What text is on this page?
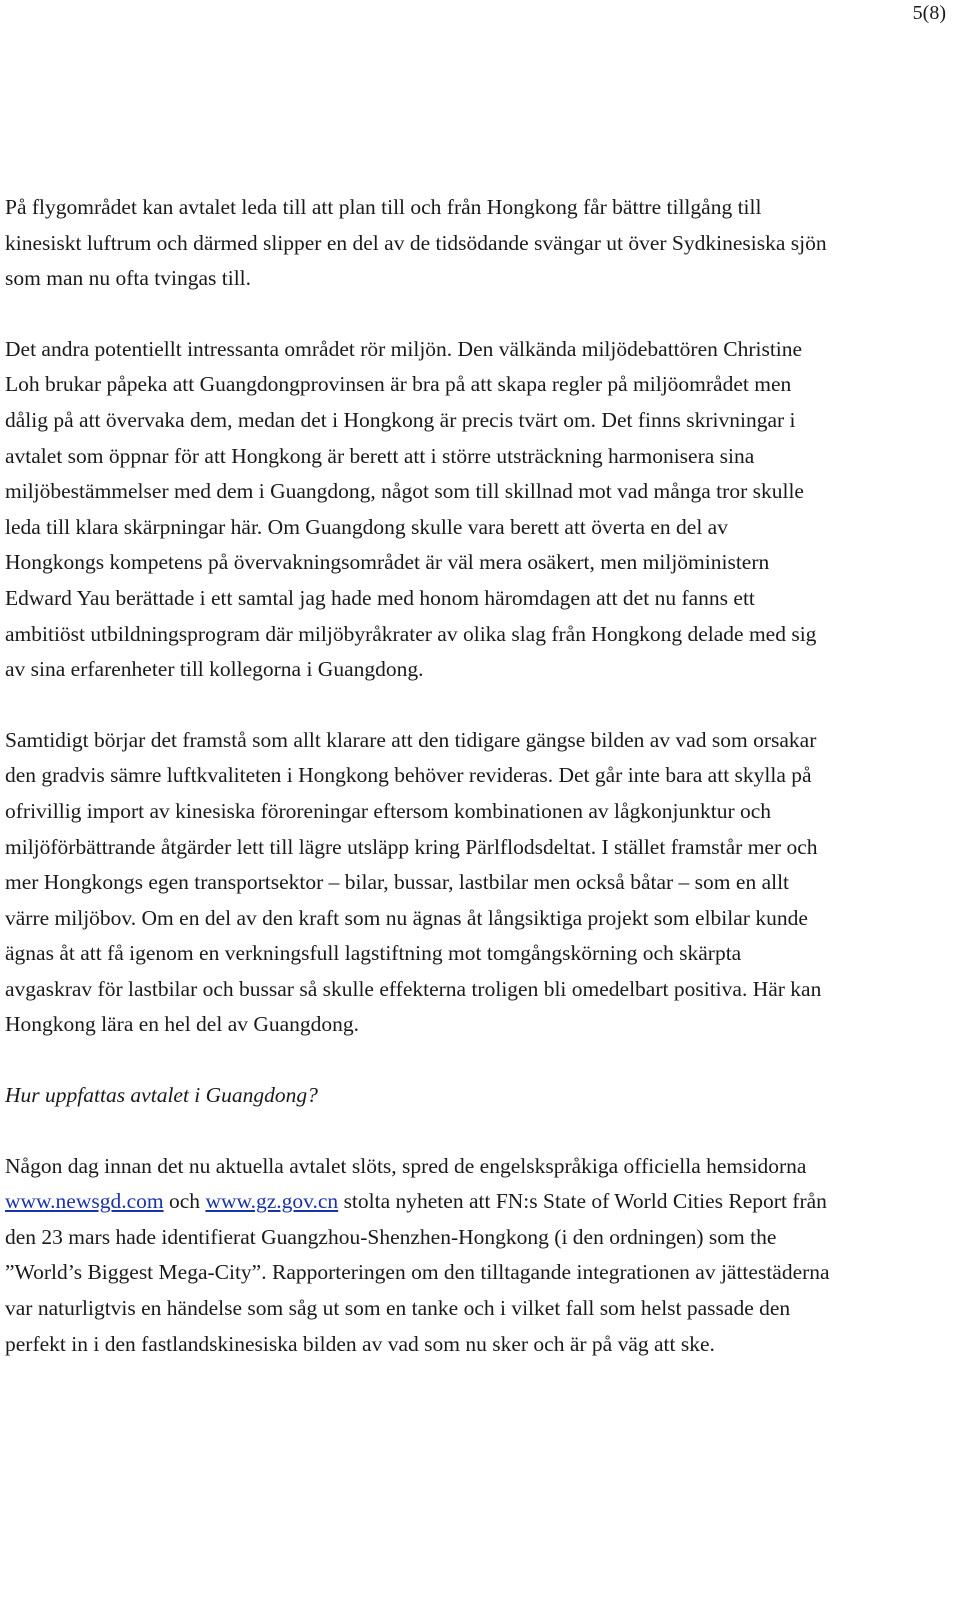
5(8)

På flygområdet kan avtalet leda till att plan till och från Hongkong får bättre tillgång till kinesiskt luftrum och därmed slipper en del av de tidsödande svängar ut över Sydkinesiska sjön som man nu ofta tvingas till.

Det andra potentiellt intressanta området rör miljön. Den välkända miljödebattören Christine Loh brukar påpeka att Guangdongprovinsen är bra på att skapa regler på miljöområdet men dålig på att övervaka dem, medan det i Hongkong är precis tvärt om. Det finns skrivningar i avtalet som öppnar för att Hongkong är berett att i större utsträckning harmonisera sina miljöbestämmelser med dem i Guangdong, något som till skillnad mot vad många tror skulle leda till klara skärpningar här. Om Guangdong skulle vara berett att överta en del av Hongkongs kompetens på övervakningsområdet är väl mera osäkert, men miljöministern Edward Yau berättade i ett samtal jag hade med honom häromdagen att det nu fanns ett ambitiöst utbildningsprogram där miljöbyråkrater av olika slag från Hongkong delade med sig av sina erfarenheter till kollegorna i Guangdong.

Samtidigt börjar det framstå som allt klarare att den tidigare gängse bilden av vad som orsakar den gradvis sämre luftkvaliteten i Hongkong behöver revideras. Det går inte bara att skylla på ofrivillig import av kinesiska föroreningar eftersom kombinationen av lågkonjunktur och miljöförbättrande åtgärder lett till lägre utsläpp kring Pärlflodsdeltat. I stället framstår mer och mer Hongkongs egen transportsektor – bilar, bussar, lastbilar men också båtar – som en allt värre miljöbov. Om en del av den kraft som nu ägnas åt långsiktiga projekt som elbilar kunde ägnas åt att få igenom en verkningsfull lagstiftning mot tomgångskörning och skärpta avgaskrav för lastbilar och bussar så skulle effekterna troligen bli omedelbart positiva. Här kan Hongkong lära en hel del av Guangdong.

Hur uppfattas avtalet i Guangdong?

Någon dag innan det nu aktuella avtalet slöts, spred de engelskspråkiga officiella hemsidorna www.newsgd.com och www.gz.gov.cn stolta nyheten att FN:s State of World Cities Report från den 23 mars hade identifierat Guangzhou-Shenzhen-Hongkong (i den ordningen) som the ”World’s Biggest Mega-City”. Rapporteringen om den tilltagande integrationen av jättestäderna var naturligtvis en händelse som såg ut som en tanke och i vilket fall som helst passade den perfekt in i den fastlandskinesiska bilden av vad som nu sker och är på väg att ske.
